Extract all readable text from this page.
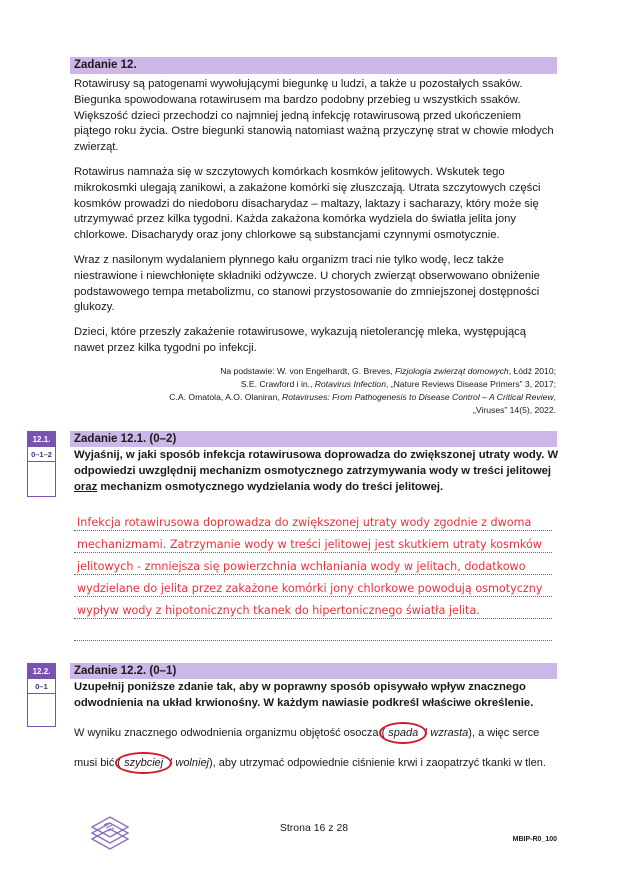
Zadanie 12.

Rotawirusy są patogenami wywołującymi biegunkę u ludzi, a także u pozostałych ssaków. Biegunka spowodowana rotawirusem ma bardzo podobny przebieg u wszystkich ssaków. Większość dzieci przechodzi co najmniej jedną infekcję rotawirusową przed ukończeniem piątego roku życia. Ostre biegunki stanowią natomiast ważną przyczynę strat w chowie młodych zwierząt.

Rotawirus namnaża się w szczytowych komórkach kosmków jelitowych. Wskutek tego mikrokosmki ulegają zanikowi, a zakażone komórki się złuszczają. Utrata szczytowych części kosmków prowadzi do niedoboru disacharydaz – maltazy, laktazy i sacharazy, który może się utrzymywać przez kilka tygodni. Każda zakażona komórka wydziela do światła jelita jony chlorkowe. Disacharydy oraz jony chlorkowe są substancjami czynnymi osmotycznie.

Wraz z nasilonym wydalaniem płynnego kału organizm traci nie tylko wodę, lecz także niestrawione i niewchłonięte składniki odżywcze. U chorych zwierząt obserwowano obniżenie podstawowego tempa metabolizmu, co stanowi przystosowanie do zmniejszonej dostępności glukozy.

Dzieci, które przeszły zakażenie rotawirusowe, wykazują nietolerancję mleka, występującą nawet przez kilka tygodni po infekcji.

Na podstawie: W. von Engelhardt, G. Breves, Fizjologia zwierząt domowych, Łódź 2010;
S.E. Crawford i in., Rotavirus Infection, „Nature Reviews Disease Primers” 3, 2017;
C.A. Omatola, A.O. Olaniran, Rotaviruses: From Pathogenesis to Disease Control – A Critical Review,
„Viruses” 14(5), 2022.
12.1.
0–1–2
Zadanie 12.1. (0–2)
Wyjaśnij, w jaki sposób infekcja rotawirusowa doprowadza do zwiększonej utraty wody. W odpowiedzi uwzględnij mechanizm osmotycznego zatrzymywania wody w treści jelitowej oraz mechanizm osmotycznego wydzielania wody do treści jelitowej.
Infekcja rotawirusowa doprowadza do zwiększonej utraty wody zgodnie z dwoma mechanizmami. Zatrzymanie wody w treści jelitowej jest skutkiem utraty kosmków jelitowych - zmniejsza się powierzchnia wchłaniania wody w jelitach, dodatkowo wydzielane do jelita przez zakażone komórki jony chlorkowe powodują osmotyczny wypływ wody z hipotonicznych tkanek do hipertonicznego światła jelita.
12.2.
0–1
Zadanie 12.2. (0–1)
Uzupełnij poniższe zdanie tak, aby w poprawny sposób opisywało wpływ znacznego odwodnienia na układ krwionośny. W każdym nawiasie podkreśl właściwe określenie.
W wyniku znacznego odwodnienia organizmu objętość osocza ( spada / wzrasta), a więc serce musi bić ( szybciej / wolniej), aby utrzymać odpowiednie ciśnienie krwi i zaopatrzyć tkanki w tlen.
Strona 16 z 28
MBIP-R0_100
